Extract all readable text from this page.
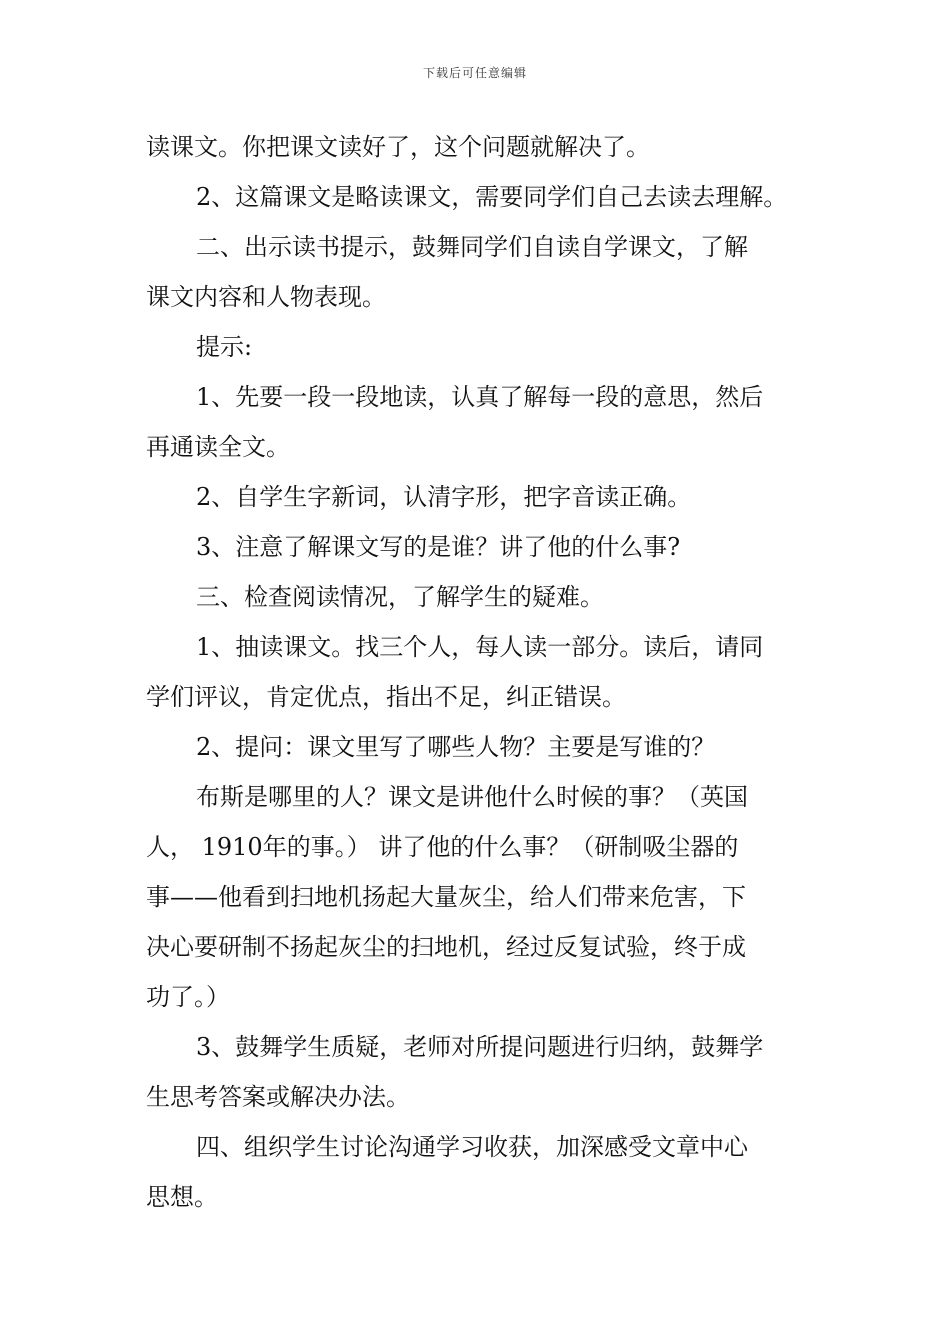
下载后可任意编辑
读课文。你把课文读好了，这个问题就解决了。
2、这篇课文是略读课文，需要同学们自己去读去理解。
二、出示读书提示，鼓舞同学们自读自学课文，了解
课文内容和人物表现。
提示:
1、先要一段一段地读，认真了解每一段的意思，然后
再通读全文。
2、自学生字新词，认清字形，把字音读正确。
3、注意了解课文写的是谁？讲了他的什么事?
三、检查阅读情况，了解学生的疑难。
1、抽读课文。找三个人，每人读一部分。读后，请同
学们评议，肯定优点，指出不足，纠正错误。
2、提问：课文里写了哪些人物？主要是写谁的？
布斯是哪里的人？课文是讲他什么时候的事？（英国
人， 1910年的事。） 讲了他的什么事？（研制吸尘器的
事——他看到扫地机扬起大量灰尘，给人们带来危害，下
决心要研制不扬起灰尘的扫地机，经过反复试验，终于成
功了。）
3、鼓舞学生质疑，老师对所提问题进行归纳，鼓舞学
生思考答案或解决办法。
四、组织学生讨论沟通学习收获，加深感受文章中心
思想。
